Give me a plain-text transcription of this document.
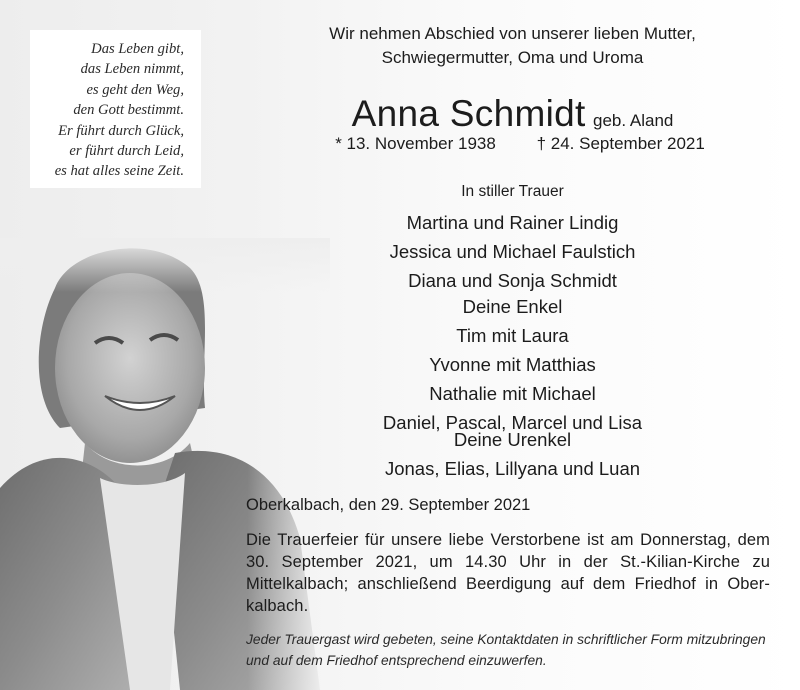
Das Leben gibt,
das Leben nimmt,
es geht den Weg,
den Gott bestimmt.
Er führt durch Glück,
er führt durch Leid,
es hat alles seine Zeit.
Wir nehmen Abschied von unserer lieben Mutter,
Schwiegermutter, Oma und Uroma
Anna Schmidt geb. Aland
* 13. November 1938 † 24. September 2021
In stiller Trauer
Martina und Rainer Lindig
Jessica und Michael Faulstich
Diana und Sonja Schmidt
Deine Enkel
Tim mit Laura
Yvonne mit Matthias
Nathalie mit Michael
Daniel, Pascal, Marcel und Lisa
Deine Urenkel
Jonas, Elias, Lillyana und Luan
Oberkalbach, den 29. September 2021
Die Trauerfeier für unsere liebe Verstorbene ist am Donnerstag, dem 30. September 2021, um 14.30 Uhr in der St.-Kilian-Kirche zu Mittelkalbach; anschließend Beerdigung auf dem Friedhof in Ober-kalbach.
Jeder Trauergast wird gebeten, seine Kontaktdaten in schriftlicher Form mitzubringen und auf dem Friedhof entsprechend einzuwerfen.
